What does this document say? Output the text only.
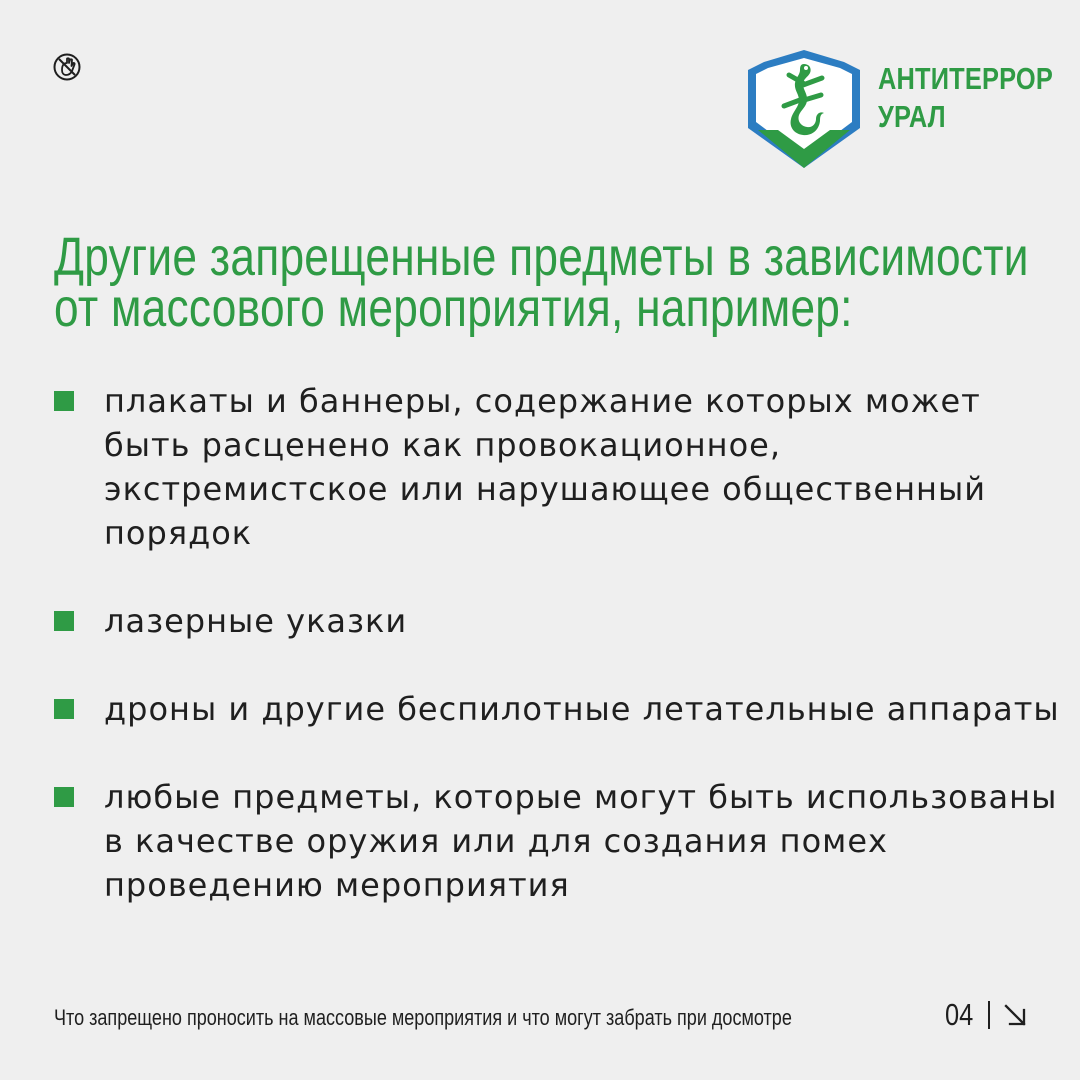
АНТИТЕРРОР
УРАЛ
Другие запрещенные предметы в зависимости
от массового мероприятия, например:
плакаты и баннеры, содержание которых может
быть расценено как провокационное,
экстремистское или нарушающее общественный
порядок
лазерные указки
дроны и другие беспилотные летательные аппараты
любые предметы, которые могут быть использованы
в качестве оружия или для создания помех
проведению мероприятия
Что запрещено проносить на массовые мероприятия и что могут забрать при досмотре	04
